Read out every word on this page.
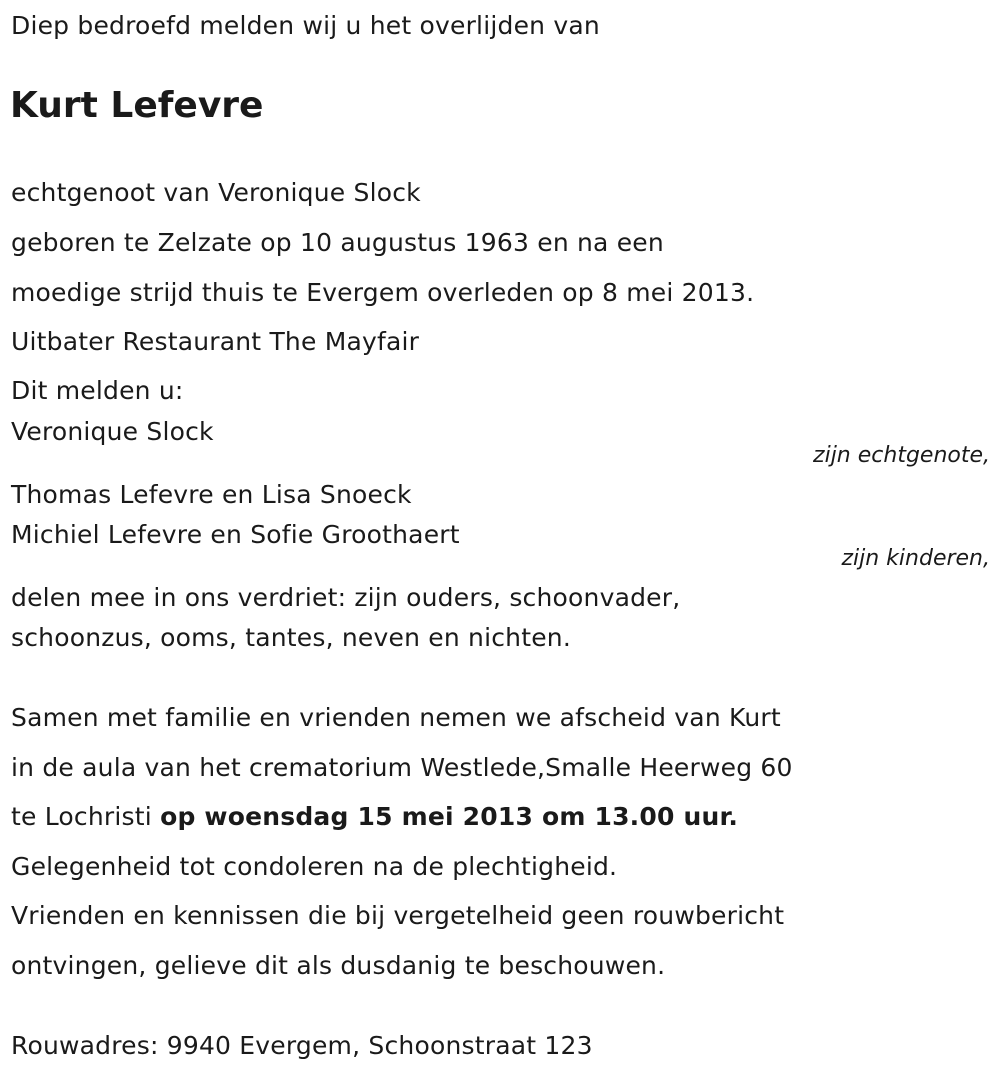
Diep bedroefd melden wij u het overlijden van
Kurt Lefevre
echtgenoot van Veronique Slock
geboren te Zelzate op 10 augustus 1963 en na een
moedige strijd thuis te Evergem overleden op 8 mei 2013.
Uitbater Restaurant The Mayfair
Dit melden u:
Veronique Slock
zijn echtgenote,
Thomas Lefevre en Lisa Snoeck
Michiel Lefevre en Sofie Groothaert
zijn kinderen,
delen mee in ons verdriet: zijn ouders, schoonvader,
schoonzus, ooms, tantes, neven en nichten.
Samen met familie en vrienden nemen we afscheid van Kurt
in de aula van het crematorium Westlede,Smalle Heerweg 60
te Lochristi op woensdag 15 mei 2013 om 13.00 uur.
Gelegenheid tot condoleren na de plechtigheid.
Vrienden en kennissen die bij vergetelheid geen rouwbericht
ontvingen, gelieve dit als dusdanig te beschouwen.
Rouwadres: 9940 Evergem, Schoonstraat 123
